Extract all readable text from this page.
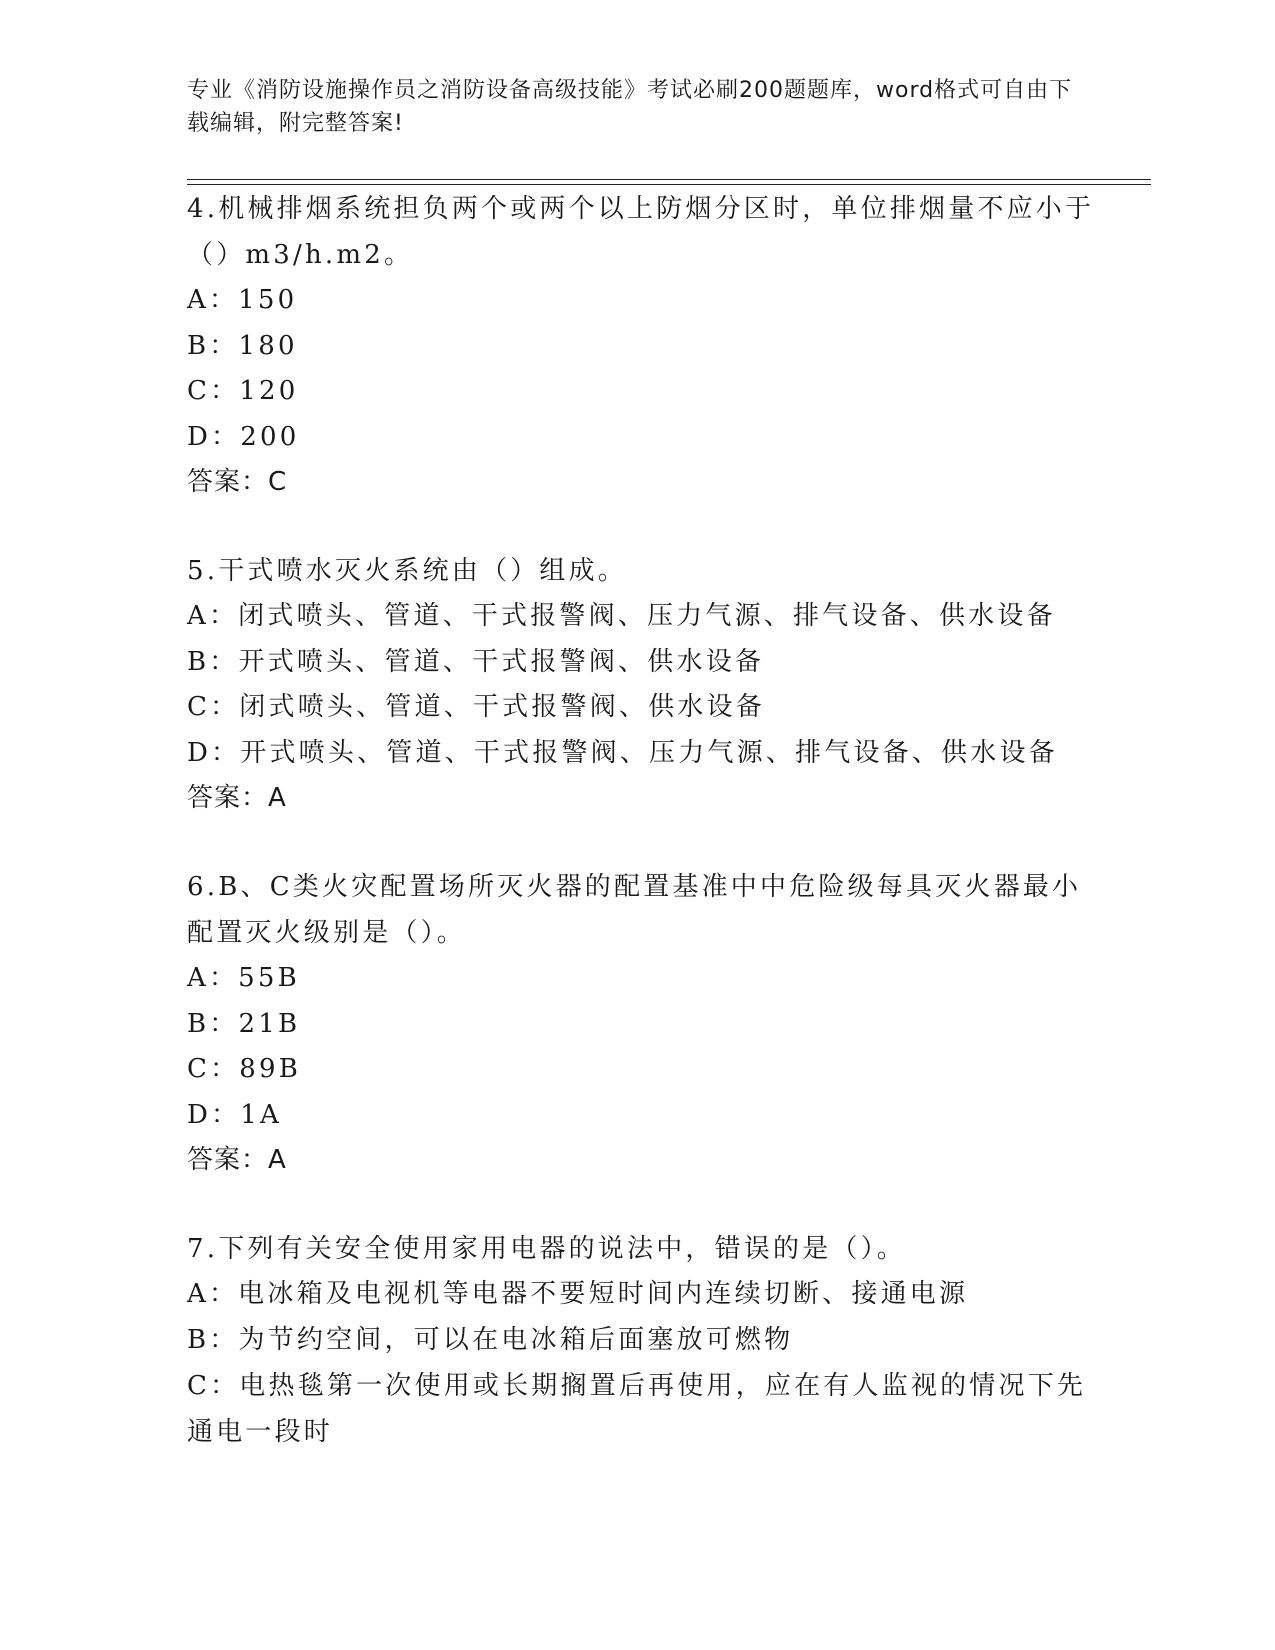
专业《消防设施操作员之消防设备高级技能》考试必刷200题题库，word格式可自由下载编辑，附完整答案!

4.机械排烟系统担负两个或两个以上防烟分区时，单位排烟量不应小于（）m3/h.m2。

A：150

B：180

C：120

D：200

答案：C

5.干式喷水灭火系统由（）组成。

A：闭式喷头、管道、干式报警阀、压力气源、排气设备、供水设备

B：开式喷头、管道、干式报警阀、供水设备

C：闭式喷头、管道、干式报警阀、供水设备

D：开式喷头、管道、干式报警阀、压力气源、排气设备、供水设备

答案：A

6.B、C类火灾配置场所灭火器的配置基准中中危险级每具灭火器最小配置灭火级别是（）。

A：55B

B：21B

C：89B

D：1A

答案：A

7.下列有关安全使用家用电器的说法中，错误的是（）。

A：电冰箱及电视机等电器不要短时间内连续切断、接通电源

B：为节约空间，可以在电冰箱后面塞放可燃物

C：电热毯第一次使用或长期搁置后再使用，应在有人监视的情况下先通电一段时
